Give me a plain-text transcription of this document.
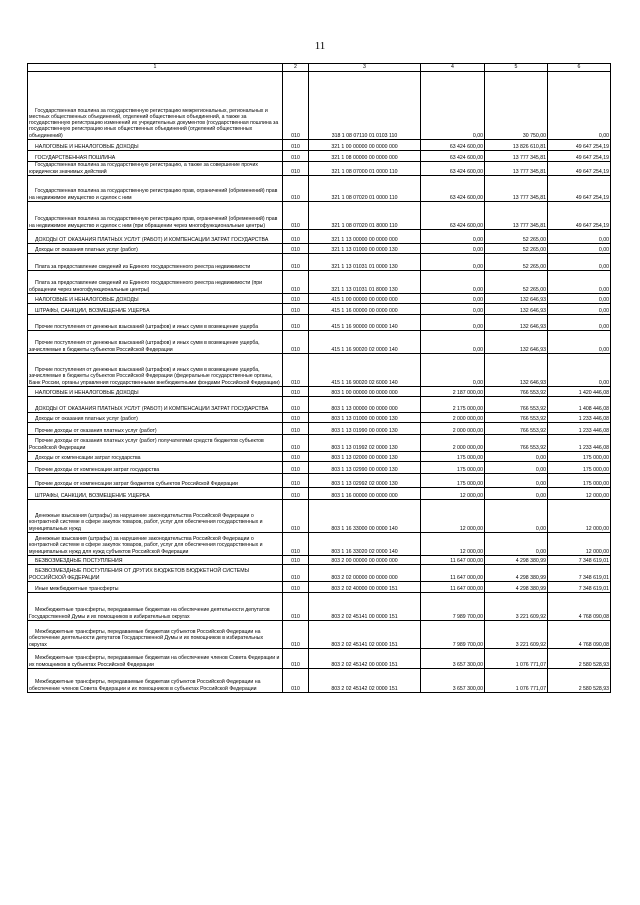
11
1	2	3	4	5	6

Государственная пошлина за государственную регистрацию межрегиональных, региональных и местных общественных объединений, отделений общественных объединений, а также за государственную регистрацию изменений их учредительных документов (государственная пошлина за государственную регистрацию иных общественных объединений (отделений общественных объединений)	010	318 1 08 07110 01 0103 110	0,00	30 750,00	0,00

НАЛОГОВЫЕ И НЕНАЛОГОВЫЕ ДОХОДЫ	010	321 1 00 00000 00 0000 000	63 424 600,00	13 826 610,81	49 647 254,19

ГОСУДАРСТВЕННАЯ ПОШЛИНА	010	321 1 08 00000 00 0000 000	63 424 600,00	13 777 345,81	49 647 254,19

Государственная пошлина за государственную регистрацию, а также за совершение прочих юридически значимых действий	010	321 1 08 07000 01 0000 110	63 424 600,00	13 777 345,81	49 647 254,19

Государственная пошлина за государственную регистрацию прав, ограничений (обременений) прав на недвижимое имущество и сделок с ним	010	321 1 08 07020 01 0000 110	63 424 600,00	13 777 345,81	49 647 254,19

Государственная пошлина за государственную регистрацию прав, ограничений (обременений) прав на недвижимое имущество и сделок с ним (при обращении через многофункциональные центры)	010	321 1 08 07020 01 8000 110	63 424 600,00	13 777 345,81	49 647 254,19

ДОХОДЫ ОТ ОКАЗАНИЯ ПЛАТНЫХ УСЛУГ (РАБОТ) И КОМПЕНСАЦИИ ЗАТРАТ ГОСУДАРСТВА	010	321 1 13 00000 00 0000 000	0,00	52 265,00	0,00

Доходы от оказания платных услуг (работ)	010	321 1 13 01000 00 0000 130	0,00	52 265,00	0,00

Плата за предоставление сведений из Единого государственного реестра недвижимости	010	321 1 13 01031 01 0000 130	0,00	52 265,00	0,00

Плата за предоставление сведений из Единого государственного реестра недвижимости (при обращении через многофункциональные центры)	010	321 1 13 01031 01 8000 130	0,00	52 265,00	0,00

НАЛОГОВЫЕ И НЕНАЛОГОВЫЕ ДОХОДЫ	010	415 1 00 00000 00 0000 000	0,00	132 646,93	0,00

ШТРАФЫ, САНКЦИИ, ВОЗМЕЩЕНИЕ УЩЕРБА	010	415 1 16 00000 00 0000 000	0,00	132 646,93	0,00

Прочие поступления от денежных взысканий (штрафов) и иных сумм в возмещение ущерба	010	415 1 16 90000 00 0000 140	0,00	132 646,93	0,00

Прочие поступления от денежных взысканий (штрафов) и иных сумм в возмещение ущерба, зачисляемые в бюджеты субъектов Российской Федерации	010	415 1 16 90020 02 0000 140	0,00	132 646,93	0,00

Прочие поступления от денежных взысканий (штрафов) и иных сумм в возмещение ущерба, зачисляемые в бюджеты субъектов Российской Федерации (федеральные государственные органы, Банк России, органы управления государственными внебюджетными фондами Российской Федерации)	010	415 1 16 90020 02 6000 140	0,00	132 646,93	0,00

НАЛОГОВЫЕ И НЕНАЛОГОВЫЕ ДОХОДЫ	010	803 1 00 00000 00 0000 000	2 187 000,00	766 553,92	1 420 446,08

ДОХОДЫ ОТ ОКАЗАНИЯ ПЛАТНЫХ УСЛУГ (РАБОТ) И КОМПЕНСАЦИИ ЗАТРАТ ГОСУДАРСТВА	010	803 1 13 00000 00 0000 000	2 175 000,00	766 553,92	1 408 446,08

Доходы от оказания платных услуг (работ)	010	803 1 13 01000 00 0000 130	2 000 000,00	766 553,92	1 233 446,08

Прочие доходы от оказания платных услуг (работ)	010	803 1 13 01990 00 0000 130	2 000 000,00	766 553,92	1 233 446,08

Прочие доходы от оказания платных услуг (работ) получателями средств бюджетов субъектов Российской Федерации	010	803 1 13 01992 02 0000 130	2 000 000,00	766 553,92	1 233 446,08

Доходы от компенсации затрат государства	010	803 1 13 02000 00 0000 130	175 000,00	0,00	175 000,00

Прочие доходы от компенсации затрат государства	010	803 1 13 02990 00 0000 130	175 000,00	0,00	175 000,00

Прочие доходы от компенсации затрат бюджетов субъектов Российской Федерации	010	803 1 13 02992 02 0000 130	175 000,00	0,00	175 000,00

ШТРАФЫ, САНКЦИИ, ВОЗМЕЩЕНИЕ УЩЕРБА	010	803 1 16 00000 00 0000 000	12 000,00	0,00	12 000,00

Денежные взыскания (штрафы) за нарушение законодательства Российской Федерации о контрактной системе в сфере закупок товаров, работ, услуг для обеспечения государственных и муниципальных нужд	010	803 1 16 33000 00 0000 140	12 000,00	0,00	12 000,00

Денежные взыскания (штрафы) за нарушение законодательства Российской Федерации о контрактной системе в сфере закупок товаров, работ, услуг для обеспечения государственных и муниципальных нужд для нужд субъектов Российской Федерации	010	803 1 16 33020 02 0000 140	12 000,00	0,00	12 000,00

БЕЗВОЗМЕЗДНЫЕ ПОСТУПЛЕНИЯ	010	803 2 00 00000 00 0000 000	11 647 000,00	4 298 380,99	7 348 619,01

БЕЗВОЗМЕЗДНЫЕ ПОСТУПЛЕНИЯ ОТ ДРУГИХ БЮДЖЕТОВ БЮДЖЕТНОЙ СИСТЕМЫ РОССИЙСКОЙ ФЕДЕРАЦИИ	010	803 2 02 00000 00 0000 000	11 647 000,00	4 298 380,99	7 348 619,01

Иные межбюджетные трансферты	010	803 2 02 40000 00 0000 151	11 647 000,00	4 298 380,99	7 348 619,01

Межбюджетные трансферты, передаваемые бюджетам на обеспечение деятельности депутатов Государственной Думы и их помощников в избирательных округах	010	803 2 02 45141 00 0000 151	7 989 700,00	3 221 609,92	4 768 090,08

Межбюджетные трансферты, передаваемые бюджетам субъектов Российской Федерации на обеспечение деятельности депутатов Государственной Думы и их помощников в избирательных округах	010	803 2 02 45141 02 0000 151	7 989 700,00	3 221 609,92	4 768 090,08

Межбюджетные трансферты, передаваемые бюджетам на обеспечение членов Совета Федерации и их помощников в субъектах Российской Федерации	010	803 2 02 45142 00 0000 151	3 657 300,00	1 076 771,07	2 580 528,93

Межбюджетные трансферты, передаваемые бюджетам субъектов Российской Федерации на обеспечение членов Совета Федерации и их помощников в субъектах Российской Федерации	010	803 2 02 45142 02 0000 151	3 657 300,00	1 076 771,07	2 580 528,93
